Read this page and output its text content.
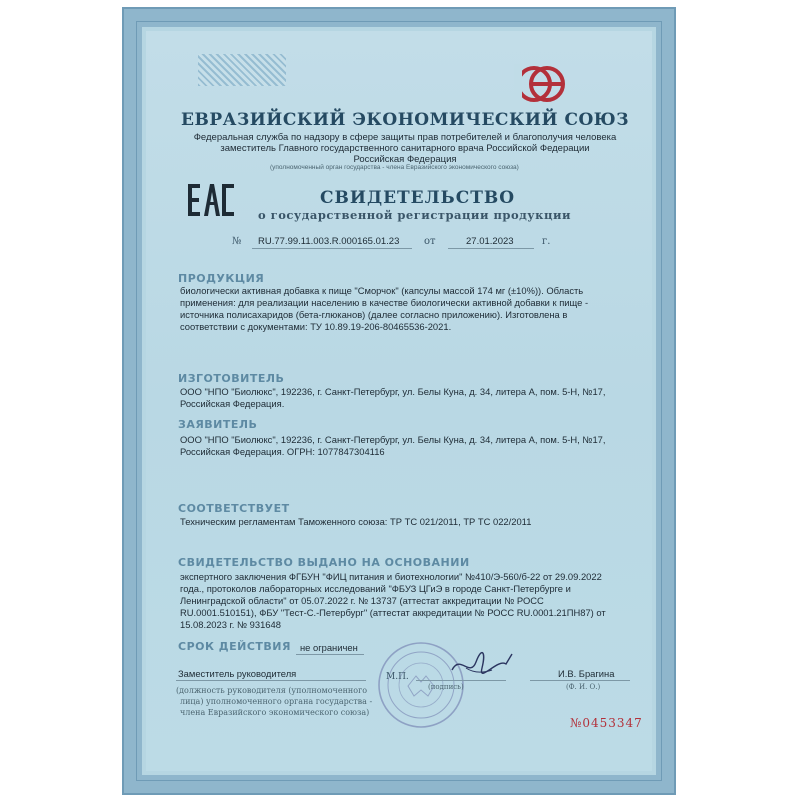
ЕВРАЗИЙСКИЙ ЭКОНОМИЧЕСКИЙ СОЮЗ
Федеральная служба по надзору в сфере защиты прав потребителей и благополучия человека
заместитель Главного государственного санитарного врача Российской Федерации
Российская Федерация
(уполномоченный орган государства - члена Евразийского экономического союза)
СВИДЕТЕЛЬСТВО
о государственной регистрации продукции
№ RU.77.99.11.003.R.000165.01.23 от	27.01.2023	г.
ПРОДУКЦИЯ
биологически активная добавка к пище "Сморчок" (капсулы массой 174 мг (±10%)). Область
применения: для реализации населению в качестве биологически активной добавки к пище -
источника полисахаридов (бета-глюканов) (далее согласно приложению). Изготовлена в
соответствии с документами: ТУ 10.89.19-206-80465536-2021.
ИЗГОТОВИТЕЛЬ
ООО "НПО "Биолюкс", 192236, г. Санкт-Петербург, ул. Белы Куна, д. 34, литера А, пом. 5-Н, №17,
Российская Федерация.
ЗАЯВИТЕЛЬ
ООО "НПО "Биолюкс", 192236, г. Санкт-Петербург, ул. Белы Куна, д. 34, литера А, пом. 5-Н, №17,
Российская Федерация. ОГРН: 1077847304116
СООТВЕТСТВУЕТ
Техническим регламентам Таможенного союза: ТР ТС 021/2011, ТР ТС 022/2011
СВИДЕТЕЛЬСТВО ВЫДАНО НА ОСНОВАНИИ
экспертного заключения ФГБУН "ФИЦ питания и биотехнологии" №410/Э-560/б-22 от 29.09.2022
года., протоколов лабораторных исследований "ФБУЗ ЦГиЭ в городе Санкт-Петербурге и
Ленинградской области" от 05.07.2022 г. № 13737 (аттестат аккредитации № РОСС
RU.0001.510151), ФБУ "Тест-С.-Петербург" (аттестат аккредитации № РОСС RU.0001.21ПН87) от
15.08.2023 г. № 931648
СРОК ДЕЙСТВИЯ не ограничен
Заместитель руководителя	М.П.
(подпись)
И.В. Брагина
(Ф. И. О.)
(должность руководителя (уполномоченного
лица) уполномоченного органа государства -
члена Евразийского экономического союза)
№0453347
